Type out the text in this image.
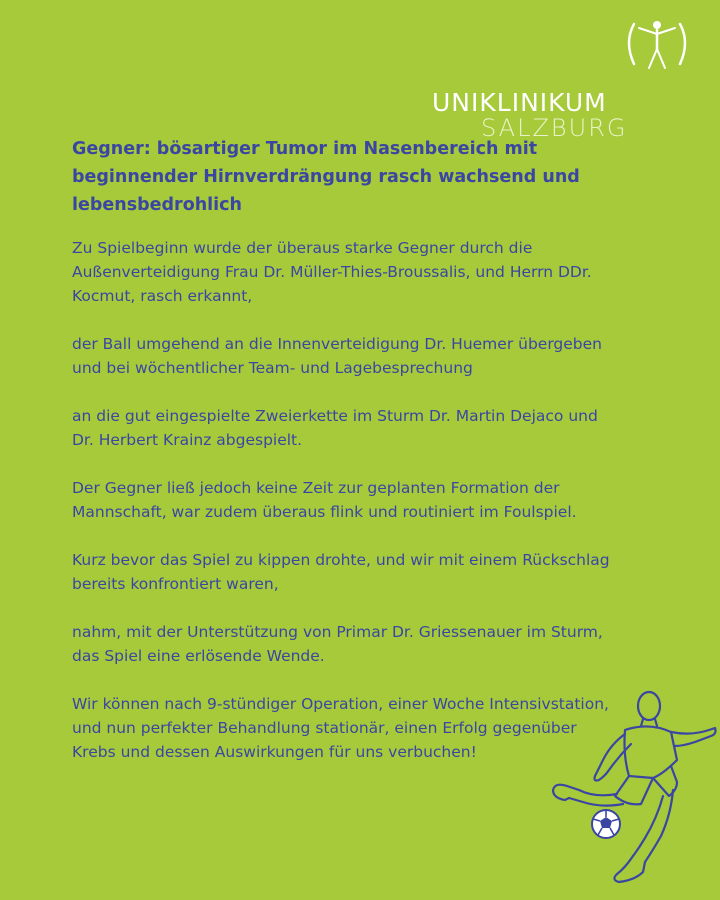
UNIKLINIKUM
SALZBURG

Gegner: bösartiger Tumor im Nasenbereich mit beginnender Hirnverdrängung rasch wachsend und lebensbedrohlich

Zu Spielbeginn wurde der überaus starke Gegner durch die Außenverteidigung Frau Dr. Müller-Thies-Broussalis, und Herrn DDr. Kocmut, rasch erkannt,

der Ball umgehend an die Innenverteidigung Dr. Huemer übergeben und bei wöchentlicher Team- und Lagebesprechung

an die gut eingespielte Zweierkette im Sturm Dr. Martin Dejaco und Dr. Herbert Krainz abgespielt.

Der Gegner ließ jedoch keine Zeit zur geplanten Formation der Mannschaft, war zudem überaus flink und routiniert im Foulspiel.

Kurz bevor das Spiel zu kippen drohte, und wir mit einem Rückschlag bereits konfrontiert waren,

nahm, mit der Unterstützung von Primar Dr. Griessenauer im Sturm, das Spiel eine erlösende Wende.

Wir können nach 9-stündiger Operation, einer Woche Intensivstation, und nun perfekter Behandlung stationär, einen Erfolg gegenüber Krebs und dessen Auswirkungen für uns verbuchen!
